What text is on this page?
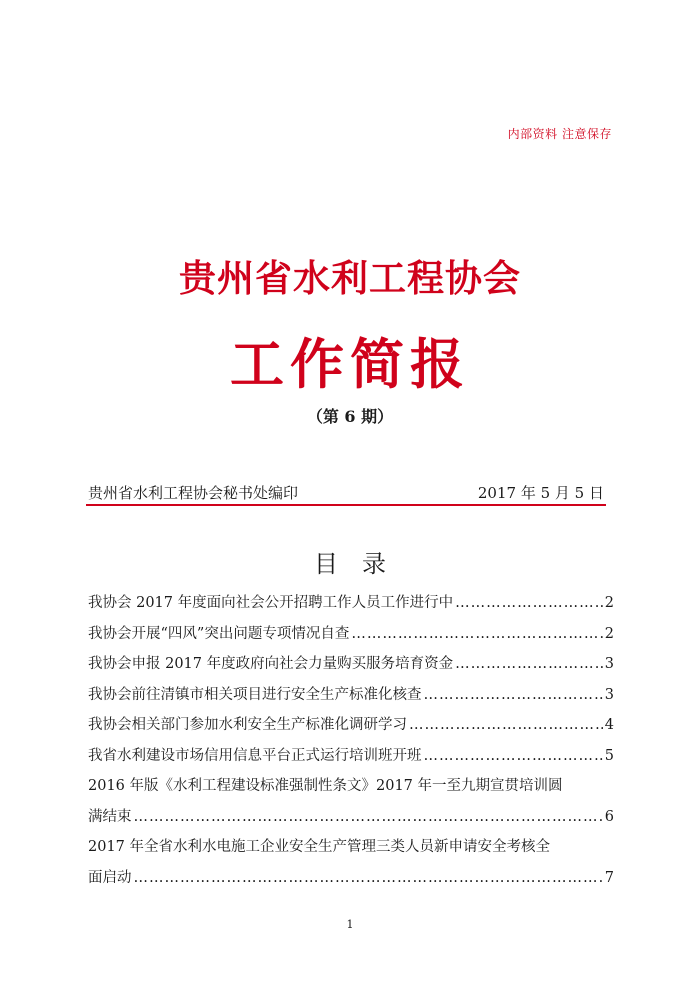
内部资料 注意保存
贵州省水利工程协会
工作简报
（第 6 期）
贵州省水利工程协会秘书处编印	2017 年 5 月 5 日
目录
我协会 2017 年度面向社会公开招聘工作人员工作进行中 ………………………………………………………………………………………………………………………………………………	2
我协会开展“四风”突出问题专项情况自查 ………………………………………………………………………………………………………………………………………………	2
我协会申报 2017 年度政府向社会力量购买服务培育资金 ………………………………………………………………………………………………………………………………………………	3
我协会前往清镇市相关项目进行安全生产标准化核查 ………………………………………………………………………………………………………………………………………………	3
我协会相关部门参加水利安全生产标准化调研学习 ………………………………………………………………………………………………………………………………………………	4
我省水利建设市场信用信息平台正式运行培训班开班 ………………………………………………………………………………………………………………………………………………	5
2016 年版《水利工程建设标准强制性条文》2017 年一至九期宣贯培训圆
满结束 ………………………………………………………………………………………………………………………………………………	6
2017 年全省水利水电施工企业安全生产管理三类人员新申请安全考核全
面启动 ………………………………………………………………………………………………………………………………………………	7
1
